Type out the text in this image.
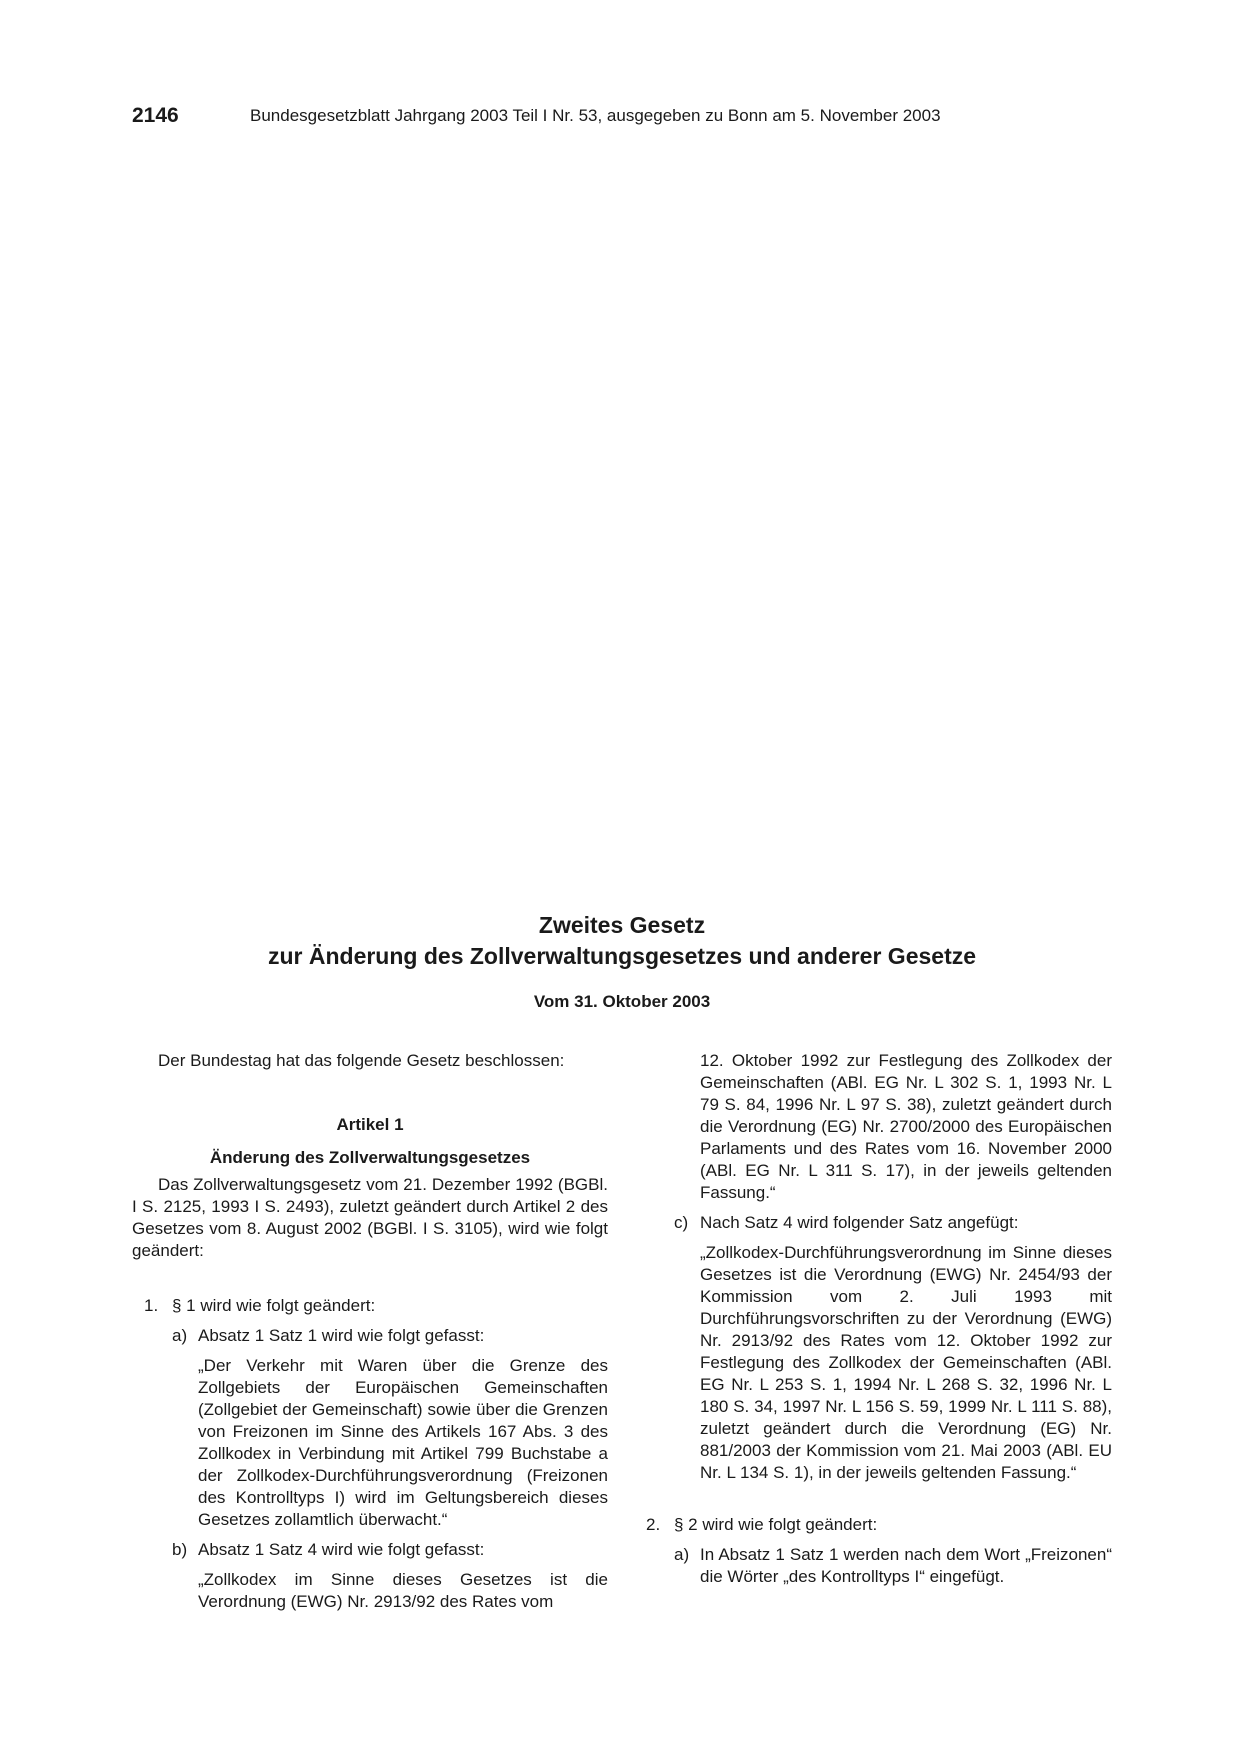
2146	Bundesgesetzblatt Jahrgang 2003 Teil I Nr. 53, ausgegeben zu Bonn am 5. November 2003
Zweites Gesetz
zur Änderung des Zollverwaltungsgesetzes und anderer Gesetze
Vom 31. Oktober 2003

Der Bundestag hat das folgende Gesetz beschlossen:

Artikel 1

Änderung des Zollverwaltungsgesetzes

Das Zollverwaltungsgesetz vom 21. Dezember 1992 (BGBl. I S. 2125, 1993 I S. 2493), zuletzt geändert durch Artikel 2 des Gesetzes vom 8. August 2002 (BGBl. I S. 3105), wird wie folgt geändert:

1. § 1 wird wie folgt geändert:

a) Absatz 1 Satz 1 wird wie folgt gefasst:

„Der Verkehr mit Waren über die Grenze des Zollgebiets der Europäischen Gemeinschaften (Zollgebiet der Gemeinschaft) sowie über die Grenzen von Freizonen im Sinne des Artikels 167 Abs. 3 des Zollkodex in Verbindung mit Artikel 799 Buchstabe a der Zollkodex-Durchführungsverordnung (Freizonen des Kontrolltyps I) wird im Geltungsbereich dieses Gesetzes zollamtlich überwacht.“

b) Absatz 1 Satz 4 wird wie folgt gefasst:

„Zollkodex im Sinne dieses Gesetzes ist die Verordnung (EWG) Nr. 2913/92 des Rates vom

12. Oktober 1992 zur Festlegung des Zollkodex der Gemeinschaften (ABl. EG Nr. L 302 S. 1, 1993 Nr. L 79 S. 84, 1996 Nr. L 97 S. 38), zuletzt geändert durch die Verordnung (EG) Nr. 2700/2000 des Europäischen Parlaments und des Rates vom 16. November 2000 (ABl. EG Nr. L 311 S. 17), in der jeweils geltenden Fassung.“

c) Nach Satz 4 wird folgender Satz angefügt:

„Zollkodex-Durchführungsverordnung im Sinne dieses Gesetzes ist die Verordnung (EWG) Nr. 2454/93 der Kommission vom 2. Juli 1993 mit Durchführungsvorschriften zu der Verordnung (EWG) Nr. 2913/92 des Rates vom 12. Oktober 1992 zur Festlegung des Zollkodex der Gemeinschaften (ABl. EG Nr. L 253 S. 1, 1994 Nr. L 268 S. 32, 1996 Nr. L 180 S. 34, 1997 Nr. L 156 S. 59, 1999 Nr. L 111 S. 88), zuletzt geändert durch die Verordnung (EG) Nr. 881/2003 der Kommission vom 21. Mai 2003 (ABl. EU Nr. L 134 S. 1), in der jeweils geltenden Fassung.“

2. § 2 wird wie folgt geändert:

a) In Absatz 1 Satz 1 werden nach dem Wort „Freizonen“ die Wörter „des Kontrolltyps I“ eingefügt.
